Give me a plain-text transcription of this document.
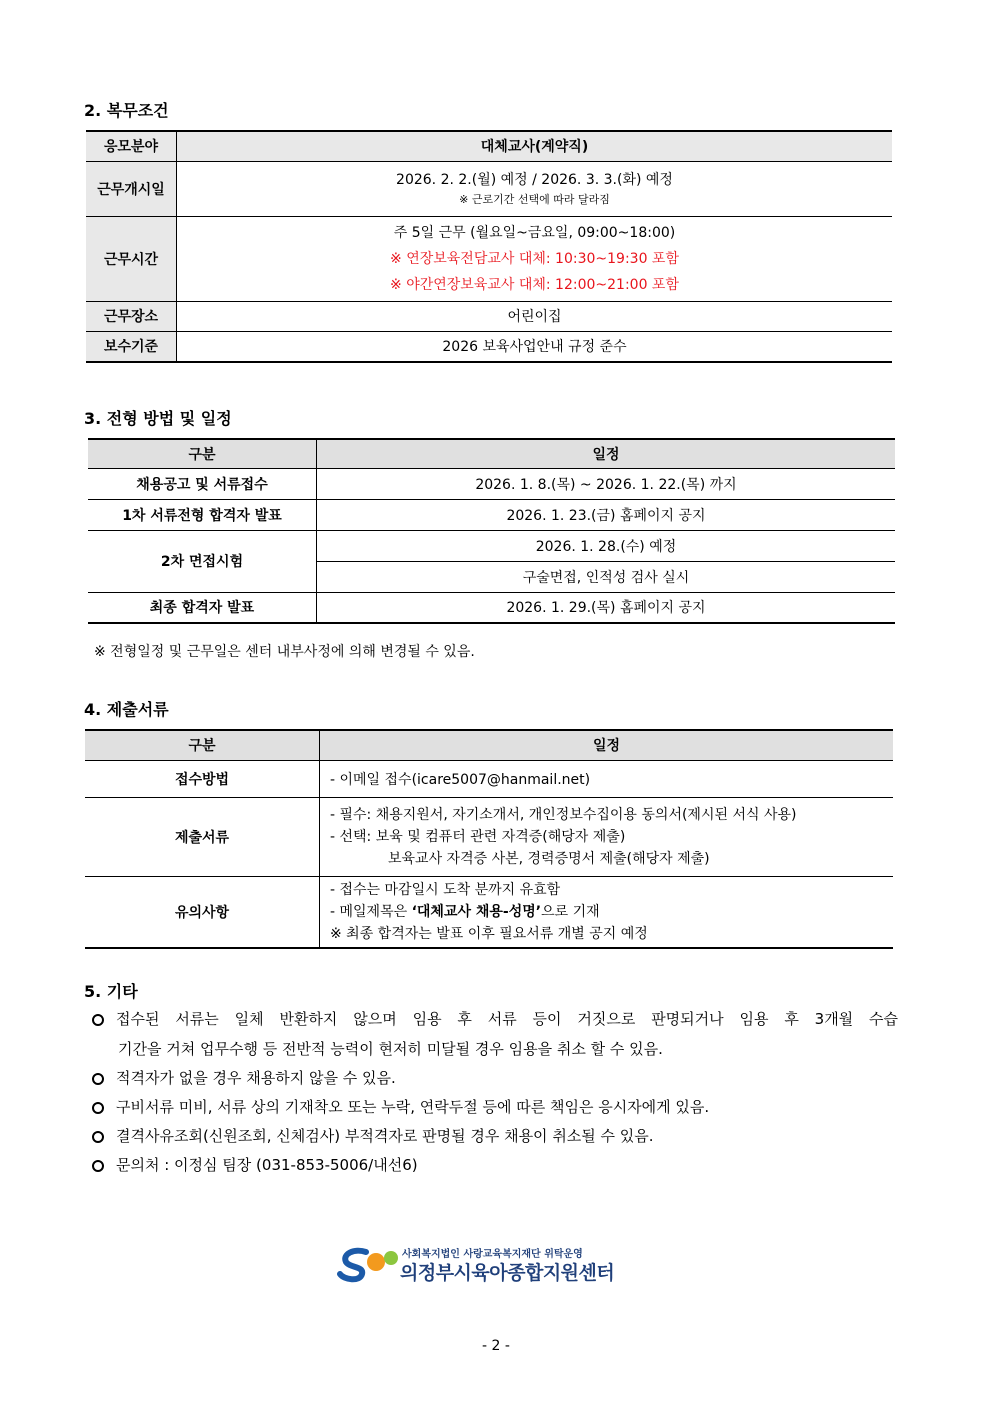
2. 복무조건
응모분야	대체교사(계약직)
근무개시일	2026. 2. 2.(월) 예정 / 2026. 3. 3.(화) 예정
※ 근로기간 선택에 따라 달라짐

근무시간	주 5일 근무 (월요일~금요일, 09:00~18:00)
※ 연장보육전담교사 대체: 10:30~19:30 포함
※ 야간연장보육교사 대체: 12:00~21:00 포함

근무장소	어린이집
보수기준	2026 보육사업안내 규정 준수
3. 전형 방법 및 일정
구분	일정
채용공고 및 서류접수	2026. 1. 8.(목) ~ 2026. 1. 22.(목) 까지
1차 서류전형 합격자 발표	2026. 1. 23.(금) 홈페이지 공지
2차 면접시험	2026. 1. 28.(수) 예정
	구술면접, 인적성 검사 실시
최종 합격자 발표	2026. 1. 29.(목) 홈페이지 공지
※ 전형일정 및 근무일은 센터 내부사정에 의해 변경될 수 있음.
4. 제출서류
구분	일정
접수방법	- 이메일 접수(icare5007@hanmail.net)
제출서류	- 필수: 채용지원서, 자기소개서, 개인정보수집이용 동의서(제시된 서식 사용)
- 선택: 보육 및 컴퓨터 관련 자격증(해당자 제출)
보육교사 자격증 사본, 경력증명서 제출(해당자 제출)

유의사항	- 접수는 마감일시 도착 분까지 유효함
- 메일제목은 ‘대체교사 채용-성명’으로 기재
※ 최종 합격자는 발표 이후 필요서류 개별 공지 예정
5. 기타
접수된 서류는 일체 반환하지 않으며 임용 후 서류 등이 거짓으로 판명되거나 임용 후 3개월 수습
기간을 거쳐 업무수행 등 전반적 능력이 현저히 미달될 경우 임용을 취소 할 수 있음.
적격자가 없을 경우 채용하지 않을 수 있음.
구비서류 미비, 서류 상의 기재착오 또는 누락, 연락두절 등에 따른 책임은 응시자에게 있음.
결격사유조회(신원조회, 신체검사) 부적격자로 판명될 경우 채용이 취소될 수 있음.
문의처 : 이정심 팀장 (031-853-5006/내선6)
사회복지법인 사랑교육복지재단 위탁운영
의정부시육아종합지원센터
- 2 -
